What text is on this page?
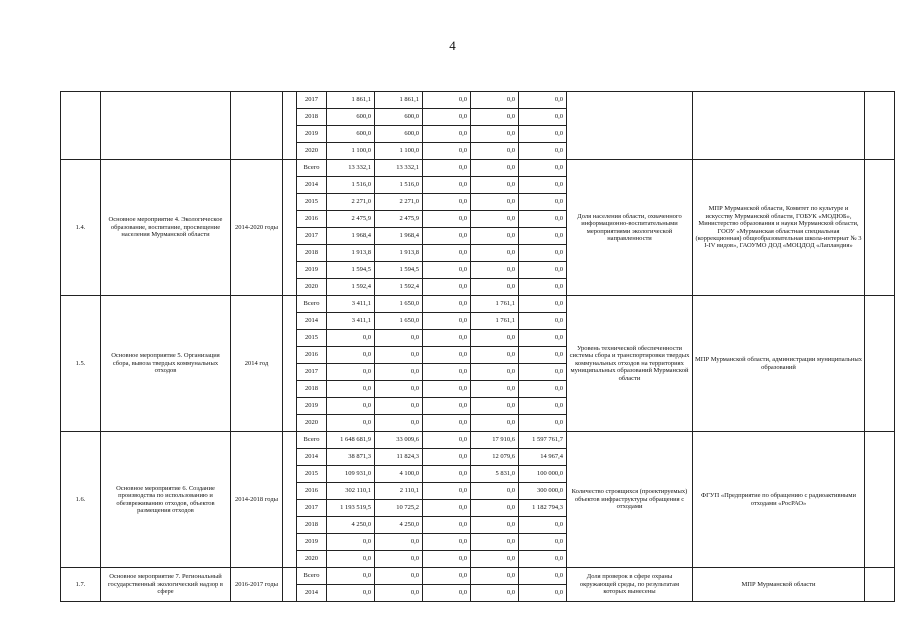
4
				2017	1 861,1	1 861,1	0,0	0,0	0,0			
				2018	600,0	600,0	0,0	0,0	0,0			
				2019	600,0	600,0	0,0	0,0	0,0			
				2020	1 100,0	1 100,0	0,0	0,0	0,0			
1.4.	Основное мероприятие 4. Экологическое образование, воспитание, просвещение населения Мурманской области	2014-2020 годы		Всего	13 332,1	13 332,1	0,0	0,0	0,0	Доля населения области, охваченного информационно-воспитательными мероприятиями экологической направленности	МПР Мурманской области, Комитет по культуре и искусству Мурманской области, ГОБУК «МОДЮБ», Министерство образования и науки Мурманской области, ГООУ «Мурманская областная специальная (коррекционная) общеобразовательная школа-интернат № 3 I-IV видов», ГАОУМО ДОД «МОЦДОД «Лапландия»	
				2014	1 516,0	1 516,0	0,0	0,0	0,0			
				2015	2 271,0	2 271,0	0,0	0,0	0,0			
				2016	2 475,9	2 475,9	0,0	0,0	0,0			
				2017	1 968,4	1 968,4	0,0	0,0	0,0			
				2018	1 913,8	1 913,8	0,0	0,0	0,0			
				2019	1 594,5	1 594,5	0,0	0,0	0,0			
				2020	1 592,4	1 592,4	0,0	0,0	0,0			
1.5.	Основное мероприятие 5. Организация сбора, вывоза твердых коммунальных отходов	2014 год		Всего	3 411,1	1 650,0	0,0	1 761,1	0,0	Уровень технической обеспеченности системы сбора и транспортировки твердых коммунальных отходов на территориях муниципальных образований Мурманской области	МПР Мурманской области, администрации муниципальных образований	
				2014	3 411,1	1 650,0	0,0	1 761,1	0,0			
				2015	0,0	0,0	0,0	0,0	0,0			
				2016	0,0	0,0	0,0	0,0	0,0			
				2017	0,0	0,0	0,0	0,0	0,0			
				2018	0,0	0,0	0,0	0,0	0,0			
				2019	0,0	0,0	0,0	0,0	0,0			
				2020	0,0	0,0	0,0	0,0	0,0			
1.6.	Основное мероприятие 6. Создание производства по использованию и обезвреживанию отходов, объектов размещения отходов	2014-2018 годы		Всего	1 648 681,9	33 009,6	0,0	17 910,6	1 597 761,7	Количество строящихся (проектируемых) объектов инфраструктуры обращения с отходами	ФГУП «Предприятие по обращению с радиоактивными отходами «РосРАО»	
				2014	38 871,3	11 824,3	0,0	12 079,6	14 967,4			
				2015	109 931,0	4 100,0	0,0	5 831,0	100 000,0			
				2016	302 110,1	2 110,1	0,0	0,0	300 000,0			
				2017	1 193 519,5	10 725,2	0,0	0,0	1 182 794,3			
				2018	4 250,0	4 250,0	0,0	0,0	0,0			
				2019	0,0	0,0	0,0	0,0	0,0			
				2020	0,0	0,0	0,0	0,0	0,0			
1.7.	Основное мероприятие 7. Региональный государственный экологический надзор в сфере	2016-2017 годы		Всего	0,0	0,0	0,0	0,0	0,0	Доля проверок в сфере охраны окружающей среды, по результатам которых вынесены	МПР Мурманской области	
				2014	0,0	0,0	0,0	0,0	0,0			
